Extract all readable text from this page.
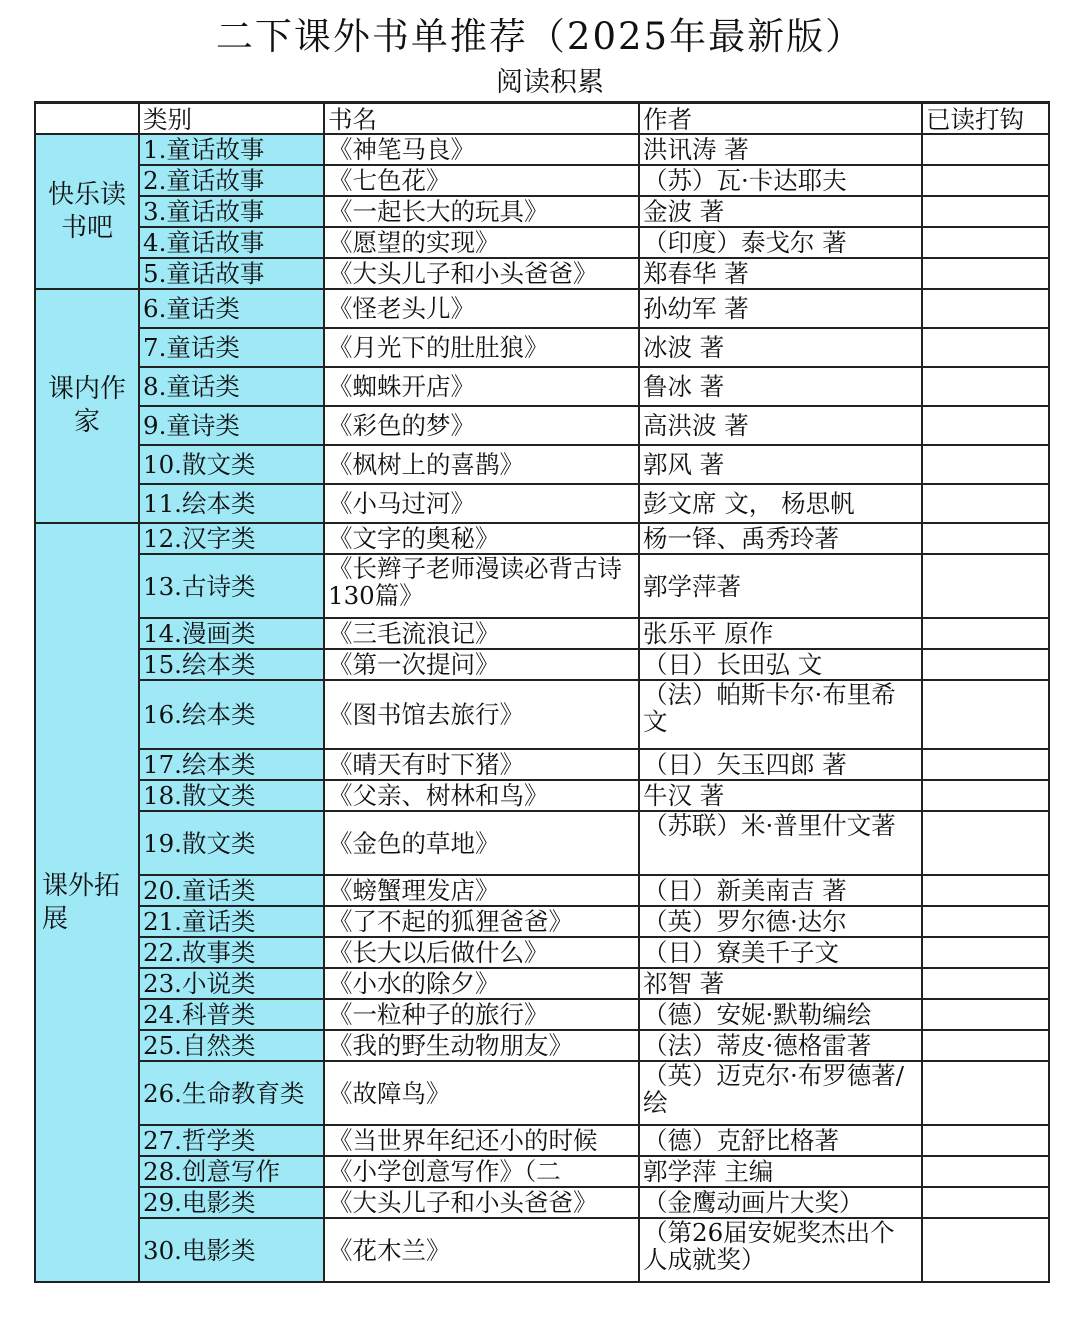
二下课外书单推荐（2025年最新版）
阅读积累
	类别	书名	作者	已读打钩
快乐读书吧	1.童话故事	《神笔马良》	洪讯涛 著	
	2.童话故事	《七色花》	（苏）瓦·卡达耶夫	
	3.童话故事	《一起长大的玩具》	金波 著	
	4.童话故事	《愿望的实现》	（印度）泰戈尔 著	
	5.童话故事	《大头儿子和小头爸爸》	郑春华 著	
课内作家	6.童话类	《怪老头儿》	孙幼军 著	
	7.童话类	《月光下的肚肚狼》	冰波 著	
	8.童话类	《蜘蛛开店》	鲁冰 著	
	9.童诗类	《彩色的梦》	高洪波 著	
	10.散文类	《枫树上的喜鹊》	郭风 著	
	11.绘本类	《小马过河》	彭文席 文， 杨思帆	
课外拓展	12.汉字类	《文字的奥秘》	杨一铎、禹秀玲著	
	13.古诗类	《长辫子老师漫读必背古诗130篇》	郭学萍著	
	14.漫画类	《三毛流浪记》	张乐平 原作	
	15.绘本类	《第一次提问》	（日）长田弘 文	
	16.绘本类	《图书馆去旅行》	（法）帕斯卡尔·布里希 文	
	17.绘本类	《晴天有时下猪》	（日）矢玉四郎 著	
	18.散文类	《父亲、树林和鸟》	牛汉 著	
	19.散文类	《金色的草地》	（苏联）米·普里什文著	
	20.童话类	《螃蟹理发店》	（日）新美南吉 著	
	21.童话类	《了不起的狐狸爸爸》	（英）罗尔德·达尔	
	22.故事类	《长大以后做什么》	（日）寮美千子文	
	23.小说类	《小水的除夕》	祁智 著	
	24.科普类	《一粒种子的旅行》	（德）安妮·默勒编绘	
	25.自然类	《我的野生动物朋友》	（法）蒂皮·德格雷著	
	26.生命教育类	《故障鸟》	（英）迈克尔·布罗德著/绘	
	27.哲学类	《当世界年纪还小的时候	（德）克舒比格著	
	28.创意写作	《小学创意写作》（二	郭学萍 主编	
	29.电影类	《大头儿子和小头爸爸》	（金鹰动画片大奖）	
	30.电影类	《花木兰》	（第26届安妮奖杰出个人成就奖）	
